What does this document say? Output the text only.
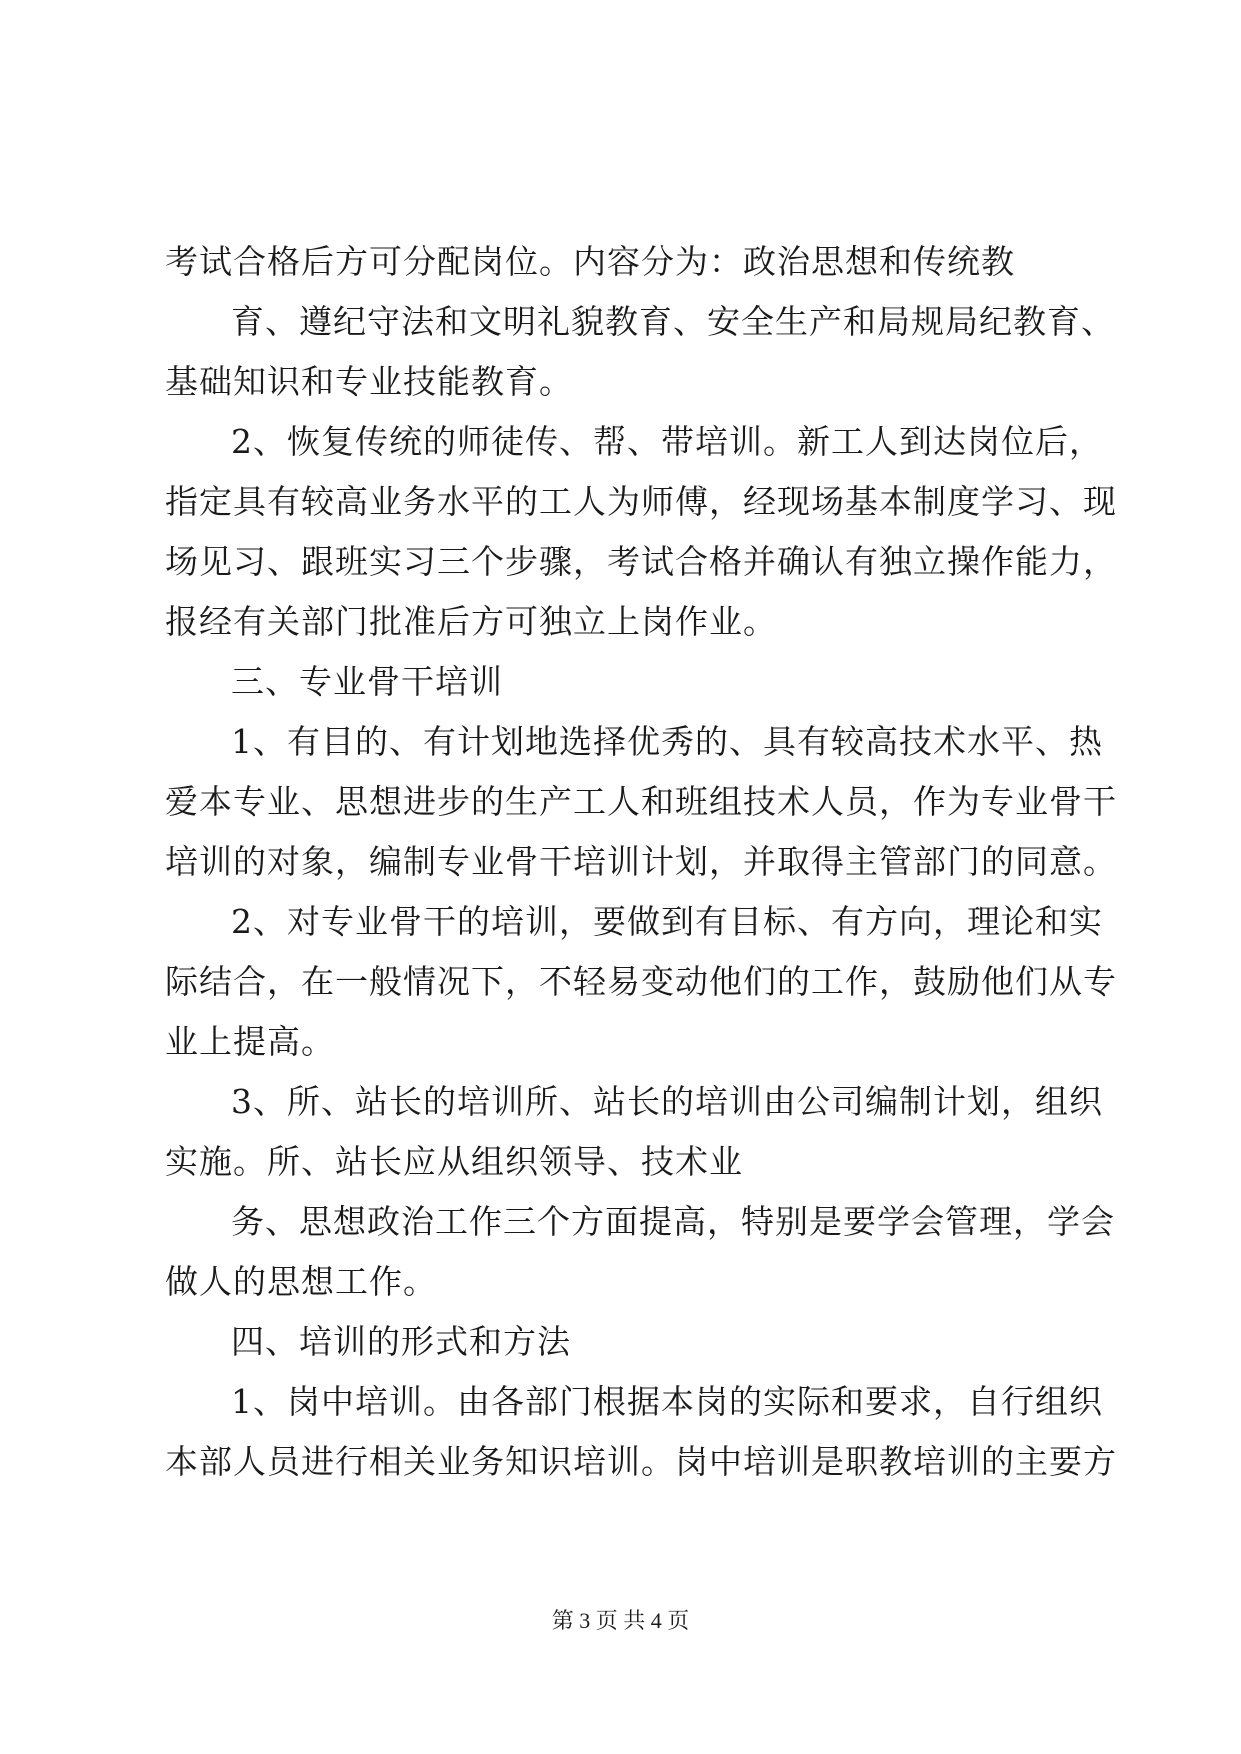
考试合格后方可分配岗位。内容分为：政治思想和传统教
育、遵纪守法和文明礼貌教育、安全生产和局规局纪教育、
基础知识和专业技能教育。
2、恢复传统的师徒传、帮、带培训。新工人到达岗位后，
指定具有较高业务水平的工人为师傅，经现场基本制度学习、现
场见习、跟班实习三个步骤，考试合格并确认有独立操作能力，
报经有关部门批准后方可独立上岗作业。
三、专业骨干培训
1、有目的、有计划地选择优秀的、具有较高技术水平、热
爱本专业、思想进步的生产工人和班组技术人员，作为专业骨干
培训的对象，编制专业骨干培训计划，并取得主管部门的同意。
2、对专业骨干的培训，要做到有目标、有方向，理论和实
际结合，在一般情况下，不轻易变动他们的工作，鼓励他们从专
业上提高。
3、所、站长的培训所、站长的培训由公司编制计划，组织
实施。所、站长应从组织领导、技术业
务、思想政治工作三个方面提高，特别是要学会管理，学会
做人的思想工作。
四、培训的形式和方法
1、岗中培训。由各部门根据本岗的实际和要求，自行组织
本部人员进行相关业务知识培训。岗中培训是职教培训的主要方
第 3 页 共 4 页
